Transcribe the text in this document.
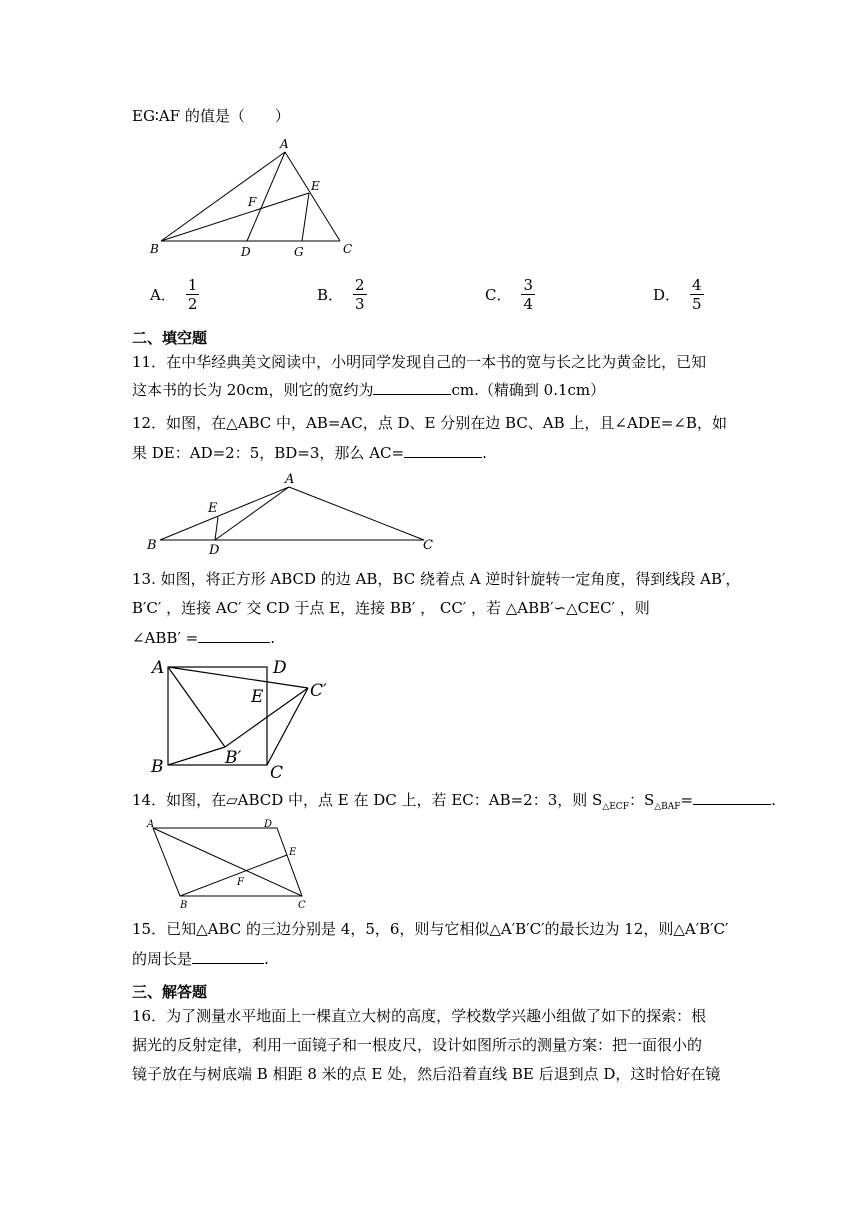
EG∶AF 的值是（　　）
A
E
F
B	D	G	C
A． $\frac{1}{2}$	B． $\frac{2}{3}$	C． $\frac{3}{4}$	D． $\frac{4}{5}$
二、填空题
11．在中华经典美文阅读中，小明同学发现自己的一本书的宽与长之比为黄金比，已知
这本书的长为 20cm，则它的宽约为	cm.（精确到 0.1cm）
12．如图，在△ABC 中，AB=AC，点 D、E 分别在边 BC、AB 上，且∠ADE=∠B，如
果 DE：AD=2：5，BD=3，那么 AC=	.
A
E
B	D	C
13. 如图，将正方形 ABCD 的边 AB，BC 绕着点 A 逆时针旋转一定角度，得到线段 AB′，
B′C′ ，连接 AC′ 交 CD 于点 E，连接 BB′ ， CC′ ，若 △ABB′∽△CEC′ ，则
∠ABB′ =	.
A	D
E	C′
B′
B	C
14．如图，在▱ABCD 中，点 E 在 DC 上，若 EC：AB=2：3，则 $S_{\triangle ECF}$：$S_{\triangle BAF}=$	.
A	D
E
F
B	C
15．已知△ABC 的三边分别是 4，5，6，则与它相似△A′B′C′的最长边为 12，则△A′B′C′
的周长是	.
三、解答题
16．为了测量水平地面上一棵直立大树的高度，学校数学兴趣小组做了如下的探索：根
据光的反射定律，利用一面镜子和一根皮尺，设计如图所示的测量方案：把一面很小的
镜子放在与树底端 B 相距 8 米的点 E 处，然后沿着直线 BE 后退到点 D，这时恰好在镜
